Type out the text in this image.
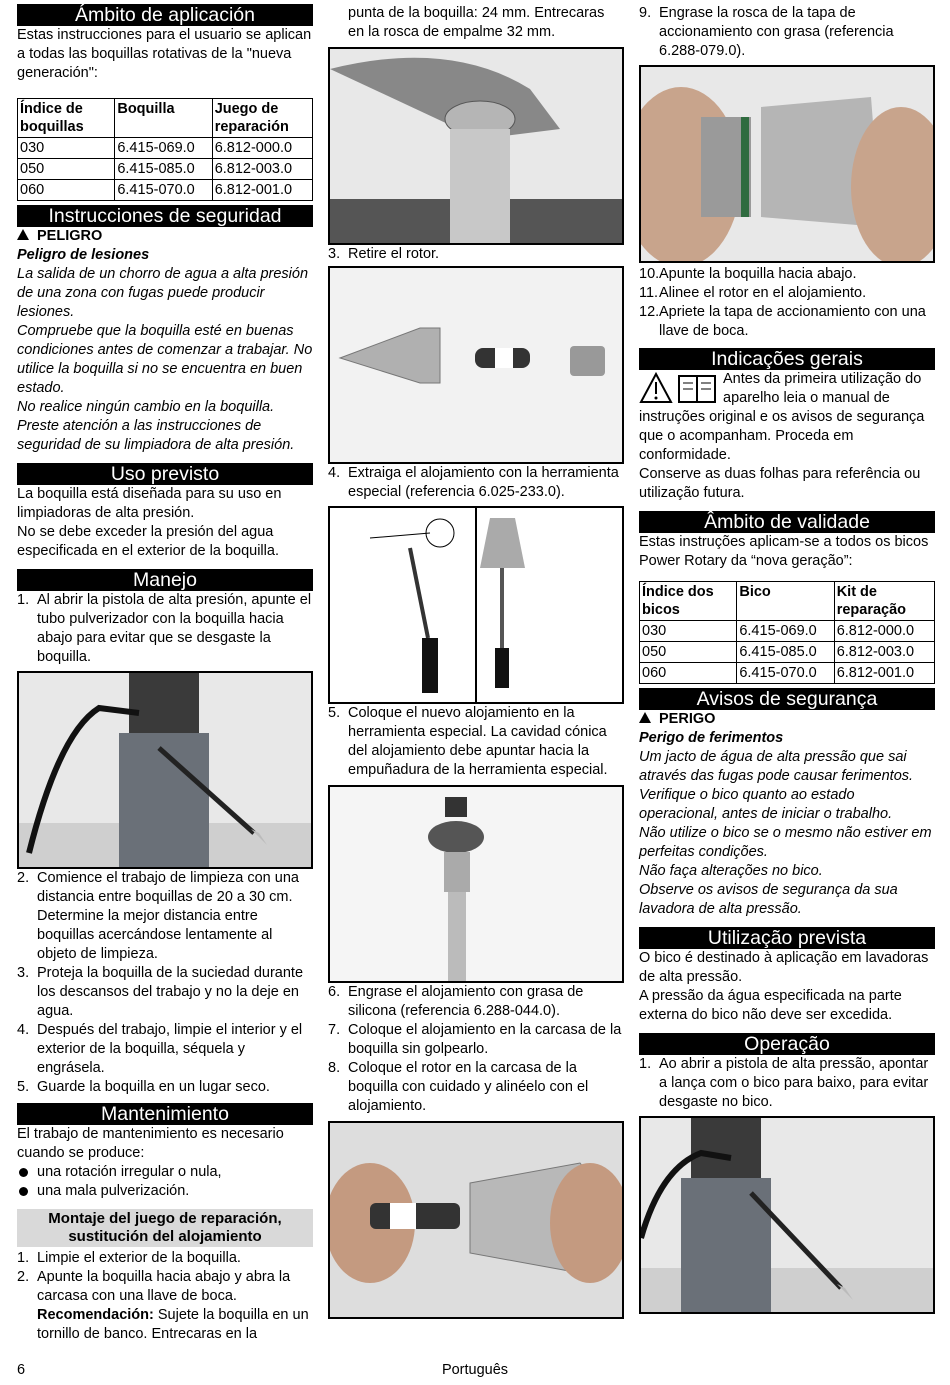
Ámbito de aplicación

Estas instrucciones para el usuario se aplican a todas las boquillas rotativas de la "nueva generación":

Índice de boquillas	Boquilla	Juego de reparación
030	6.415-069.0	6.812-000.0
050	6.415-085.0	6.812-003.0
060	6.415-070.0	6.812-001.0
Instrucciones de seguridad

PELIGRO

Peligro de lesiones

La salida de un chorro de agua a alta presión de una zona con fugas puede producir lesiones.

Compruebe que la boquilla esté en buenas condiciones antes de comenzar a trabajar. No utilice la boquilla si no se encuentra en buen estado.

No realice ningún cambio en la boquilla.

Preste atención a las instrucciones de seguridad de su limpiadora de alta presión.

Uso previsto

La boquilla está diseñada para su uso en limpiadoras de alta presión.

No se debe exceder la presión del agua especificada en el exterior de la boquilla.

Manejo
1. Al abrir la pistola de alta presión, apunte el tubo pulverizador con la boquilla hacia abajo para evitar que se desgaste la boquilla.
2. Comience el trabajo de limpieza con una distancia entre boquillas de 20 a 30 cm. Determine la mejor distancia entre boquillas acercándose lentamente al objeto de limpieza.
3. Proteja la boquilla de la suciedad durante los descansos del trabajo y no la deje en agua.
4. Después del trabajo, limpie el interior y el exterior de la boquilla, séquela y engrásela.
5. Guarde la boquilla en un lugar seco.
Mantenimiento

El trabajo de mantenimiento es necesario cuando se produce:

una rotación irregular o nula,
una mala pulverización.
Montaje del juego de reparación, sustitución del alojamiento
1. Limpie el exterior de la boquilla.
2. Apunte la boquilla hacia abajo y abra la carcasa con una llave de boca.
Recomendación: Sujete la boquilla en un tornillo de banco. Entrecaras en la

punta de la boquilla: 24 mm. Entrecaras en la rosca de empalme 32 mm.

3. Retire el rotor.
4. Extraiga el alojamiento con la herramienta especial (referencia 6.025-233.0).
5. Coloque el nuevo alojamiento en la herramienta especial. La cavidad cónica del alojamiento debe apuntar hacia la empuñadura de la herramienta especial.
6. Engrase el alojamiento con grasa de silicona (referencia 6.288-044.0).
7. Coloque el alojamiento en la carcasa de la boquilla sin golpearlo.
8. Coloque el rotor en la carcasa de la boquilla con cuidado y alinéelo con el alojamiento.
9. Engrase la rosca de la tapa de accionamiento con grasa (referencia 6.288-079.0).
10. Apunte la boquilla hacia abajo.
11. Alinee el rotor en el alojamiento.
12. Apriete la tapa de accionamiento con una llave de boca.
Indicações gerais

Antes da primeira utilização do aparelho leia o manual de instruções original e os avisos de segurança que o acompanham. Proceda em conformidade.

Conserve as duas folhas para referência ou utilização futura.

Âmbito de validade

Estas instruções aplicam-se a todos os bicos Power Rotary da “nova geração”:

Índice dos bicos	Bico	Kit de reparação
030	6.415-069.0	6.812-000.0
050	6.415-085.0	6.812-003.0
060	6.415-070.0	6.812-001.0
Avisos de segurança

PERIGO

Perigo de ferimentos

Um jacto de água de alta pressão que sai através das fugas pode causar ferimentos.

Verifique o bico quanto ao estado operacional, antes de iniciar o trabalho.

Não utilize o bico se o mesmo não estiver em perfeitas condições.

Não faça alterações no bico.

Observe os avisos de segurança da sua lavadora de alta pressão.

Utilização prevista

O bico é destinado à aplicação em lavadoras de alta pressão.

A pressão da água especificada na parte externa do bico não deve ser excedida.

Operação
1. Ao abrir a pistola de alta pressão, apontar a lança com o bico para baixo, para evitar desgaste no bico.
6	Português
